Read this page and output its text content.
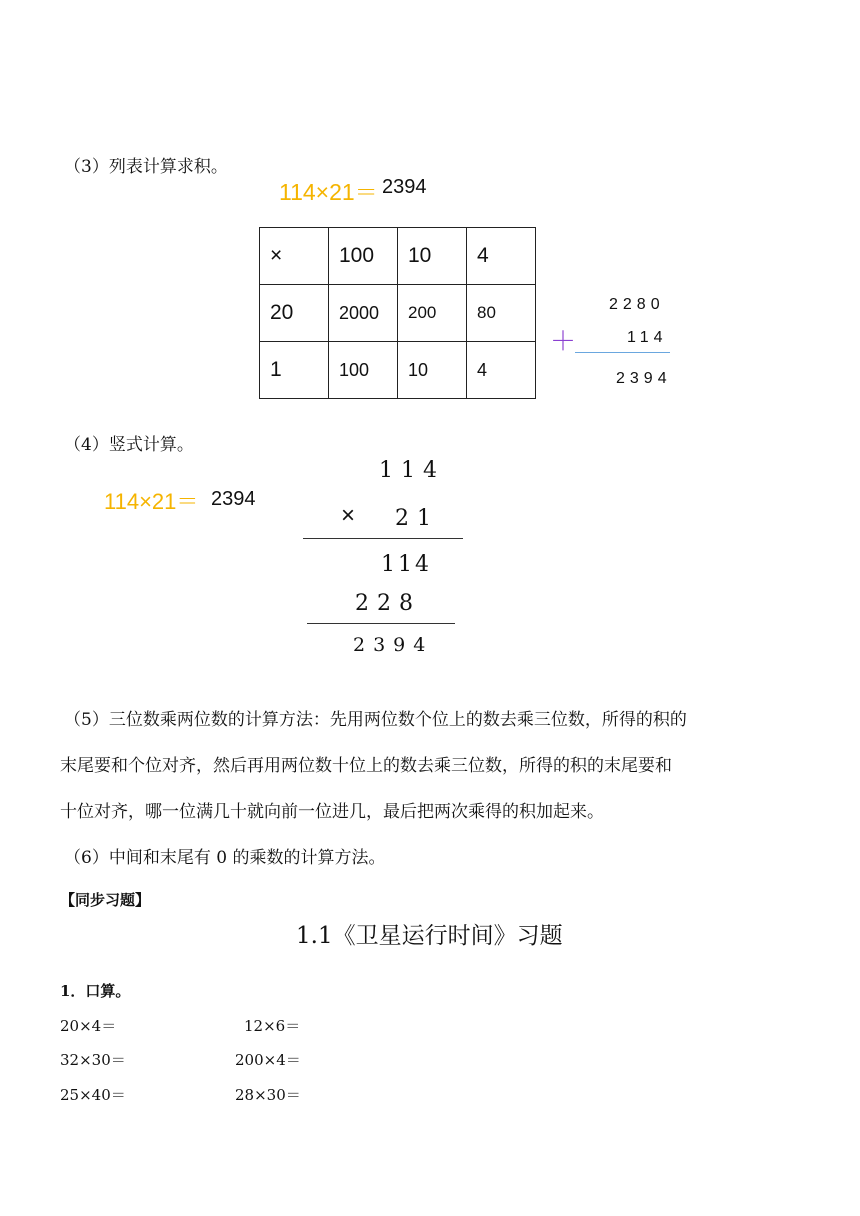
（3）列表计算求积。
114×21＝ 2394
×	100	10	4
20	2000	200	80
1	100	10	4
2280
114
＋
2394
（4）竖式计算。
114×21＝ 2394
114
× 21
114
228
2394
（5）三位数乘两位数的计算方法：先用两位数个位上的数去乘三位数，所得的积的
末尾要和个位对齐，然后再用两位数十位上的数去乘三位数，所得的积的末尾要和
十位对齐，哪一位满几十就向前一位进几，最后把两次乘得的积加起来。
（6）中间和末尾有 0 的乘数的计算方法。
【同步习题】
1.1《卫星运行时间》习题
1．口算。
20×4＝	12×6＝
32×30＝	200×4＝
25×40＝	28×30＝
